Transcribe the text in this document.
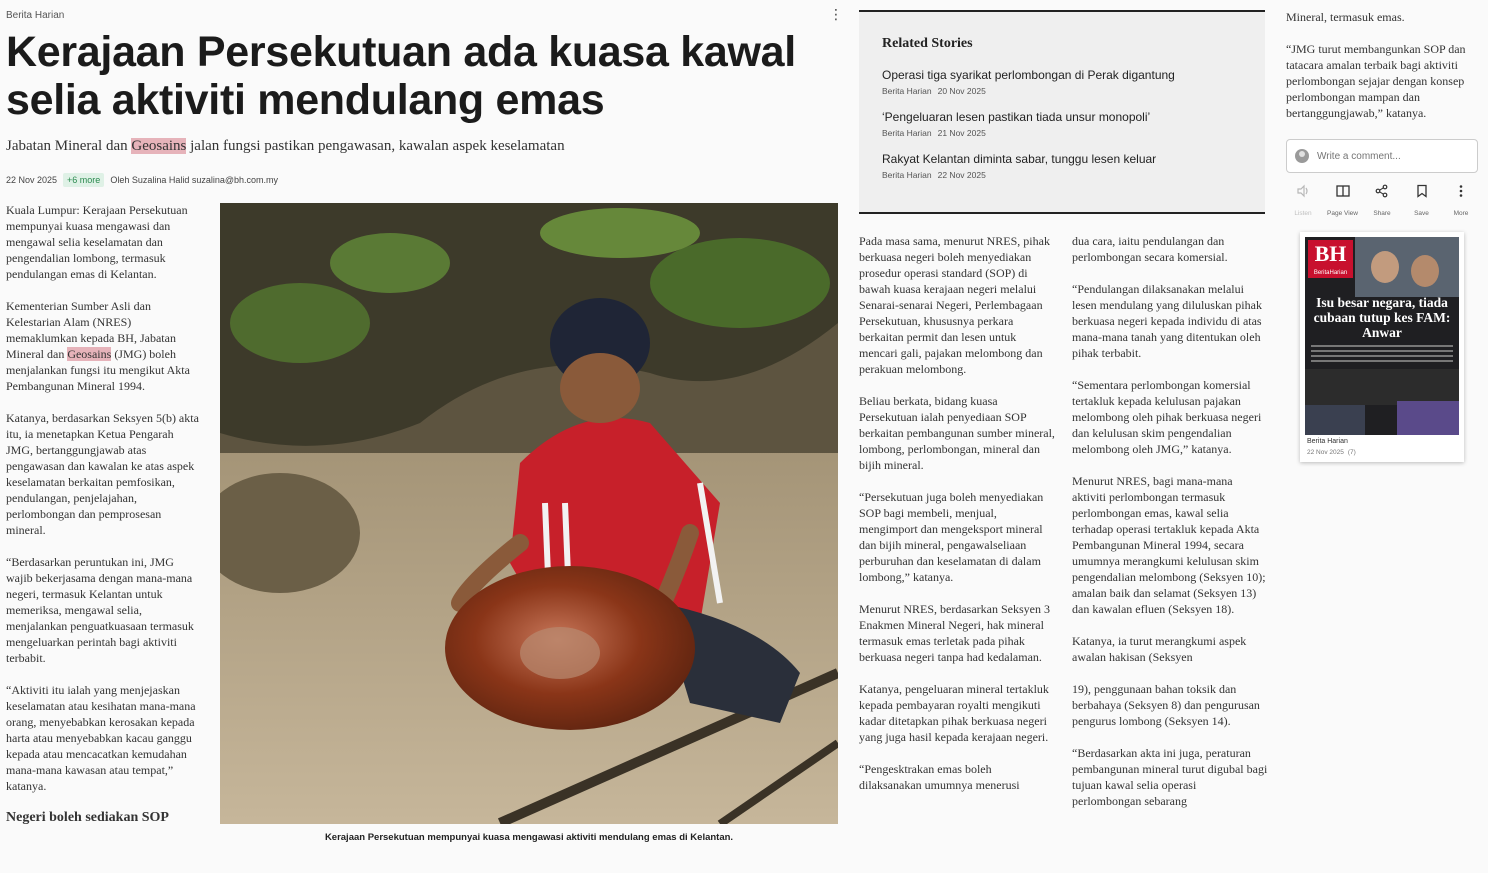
Berita Harian	⋮
Kerajaan Persekutuan ada kuasa kawal selia aktiviti mendulang emas
Jabatan Mineral dan Geosains jalan fungsi pastikan pengawasan, kawalan aspek keselamatan
22 Nov 2025	+6 more	Oleh Suzalina Halid suzalina@bh.com.my

Kuala Lumpur: Kerajaan Persekutuan mempunyai kuasa mengawasi dan mengawal selia keselamatan dan pengendalian lombong, termasuk pendulangan emas di Kelantan.

Kementerian Sumber Asli dan Kelestarian Alam (NRES) memaklumkan kepada BH, Jabatan Mineral dan Geosains (JMG) boleh menjalankan fungsi itu mengikut Akta Pembangunan Mineral 1994.

Katanya, berdasarkan Seksyen 5(b) akta itu, ia menetapkan Ketua Pengarah JMG, bertanggungjawab atas pengawasan dan kawalan ke atas aspek keselamatan berkaitan pemfosikan, pendulangan, penjelajahan, perlombongan dan pemprosesan mineral.

“Berdasarkan peruntukan ini, JMG wajib bekerjasama dengan mana-mana negeri, termasuk Kelantan untuk memeriksa, mengawal selia, menjalankan penguatkuasaan termasuk mengeluarkan perintah bagi aktiviti terbabit.

“Aktiviti itu ialah yang menjejaskan keselamatan atau kesihatan mana-mana orang, menyebabkan kerosakan kepada harta atau menyebabkan kacau ganggu kepada atau mencacatkan kemudahan mana-mana kawasan atau tempat,” katanya.

Negeri boleh sediakan SOP
Kerajaan Persekutuan mempunyai kuasa mengawasi aktiviti mendulang emas di Kelantan.
Related Stories
Operasi tiga syarikat perlombongan di Perak digantung
Berita Harian 20 Nov 2025
‘Pengeluaran lesen pastikan tiada unsur monopoli’
Berita Harian 21 Nov 2025
Rakyat Kelantan diminta sabar, tunggu lesen keluar
Berita Harian 22 Nov 2025

Pada masa sama, menurut NRES, pihak berkuasa negeri boleh menyediakan prosedur operasi standard (SOP) di bawah kuasa kerajaan negeri melalui Senarai-senarai Negeri, Perlembagaan Persekutuan, khususnya perkara berkaitan permit dan lesen untuk mencari gali, pajakan melombong dan perakuan melombong.

Beliau berkata, bidang kuasa Persekutuan ialah penyediaan SOP berkaitan pembangunan sumber mineral, lombong, perlombongan, mineral dan bijih mineral.

“Persekutuan juga boleh menyediakan SOP bagi membeli, menjual, mengimport dan mengeksport mineral dan bijih mineral, pengawalseliaan perburuhan dan keselamatan di dalam lombong,” katanya.

Menurut NRES, berdasarkan Seksyen 3 Enakmen Mineral Negeri, hak mineral termasuk emas terletak pada pihak berkuasa negeri tanpa had kedalaman.

Katanya, pengeluaran mineral tertakluk kepada pembayaran royalti mengikuti kadar ditetapkan pihak berkuasa negeri yang juga hasil kepada kerajaan negeri.

“Pengesktrakan emas boleh dilaksanakan umumnya menerusi

dua cara, iaitu pendulangan dan perlombongan secara komersial.

“Pendulangan dilaksanakan melalui lesen mendulang yang diluluskan pihak berkuasa negeri kepada individu di atas mana-mana tanah yang ditentukan oleh pihak terbabit.

“Sementara perlombongan komersial tertakluk kepada kelulusan pajakan melombong oleh pihak berkuasa negeri dan kelulusan skim pengendalian melombong oleh JMG,” katanya.

Menurut NRES, bagi mana-mana aktiviti perlombongan termasuk perlombongan emas, kawal selia terhadap operasi tertakluk kepada Akta Pembangunan Mineral 1994, secara umumnya merangkumi kelulusan skim pengendalian melombong (Seksyen 10); amalan baik dan selamat (Seksyen 13) dan kawalan efluen (Seksyen 18).

Katanya, ia turut merangkumi aspek awalan hakisan (Seksyen

19), penggunaan bahan toksik dan berbahaya (Seksyen 8) dan pengurusan pengurus lombong (Seksyen 14).

“Berdasarkan akta ini juga, peraturan pembangunan mineral turut digubal bagi tujuan kawal selia operasi perlombongan sebarang

Mineral, termasuk emas.

“JMG turut membangunkan SOP dan tatacara amalan terbaik bagi aktiviti perlombongan sejajar dengan konsep perlombongan mampan dan bertanggungjawab,” katanya.

Write a comment...
Listen	Page View	Share	Save	More
BH
BeritaHarian
Isu besar negara, tiada cubaan tutup kes FAM: Anwar
Berita Harian
22 Nov 2025 (7)
